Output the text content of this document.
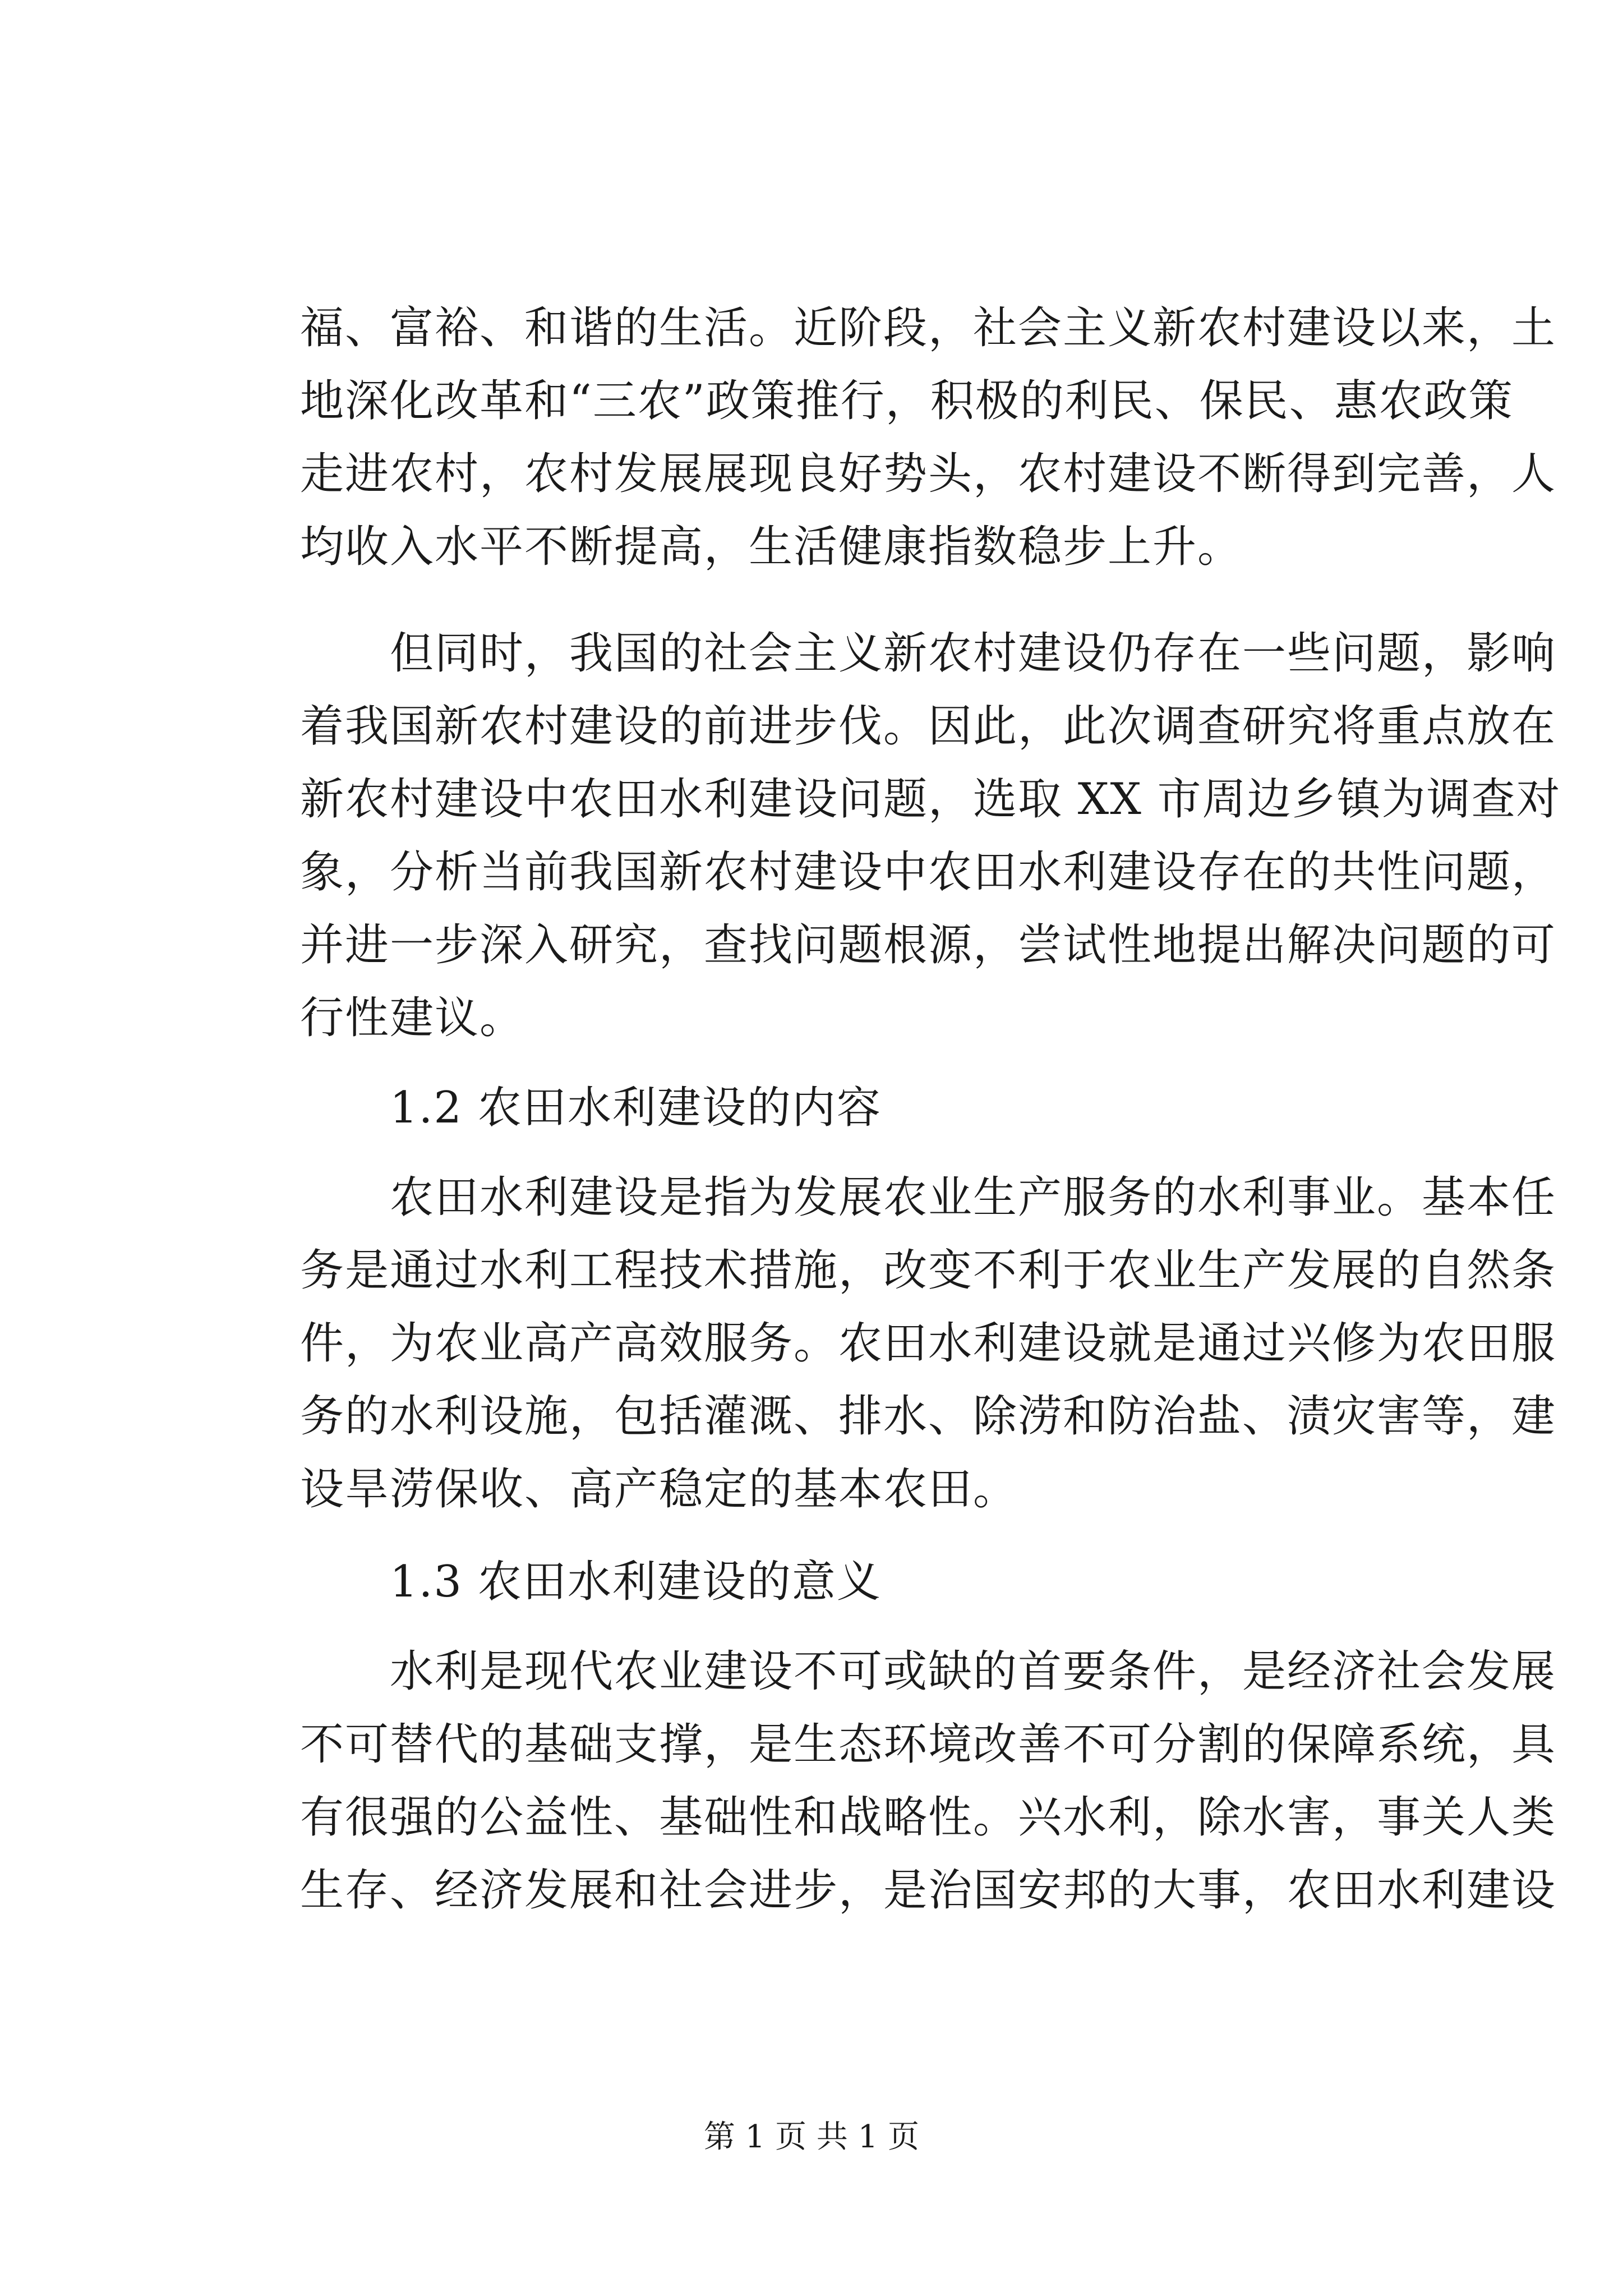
福、富裕、和谐的生活。近阶段，社会主义新农村建设以来，土
地深化改革和“三农”政策推行，积极的利民、保民、惠农政策
走进农村，农村发展展现良好势头，农村建设不断得到完善，人
均收入水平不断提高，生活健康指数稳步上升。
但同时，我国的社会主义新农村建设仍存在一些问题，影响
着我国新农村建设的前进步伐。因此，此次调查研究将重点放在
新农村建设中农田水利建设问题，选取 XX 市周边乡镇为调查对
象，分析当前我国新农村建设中农田水利建设存在的共性问题，
并进一步深入研究，查找问题根源，尝试性地提出解决问题的可
行性建议。
1.2 农田水利建设的内容
农田水利建设是指为发展农业生产服务的水利事业。基本任
务是通过水利工程技术措施，改变不利于农业生产发展的自然条
件，为农业高产高效服务。农田水利建设就是通过兴修为农田服
务的水利设施，包括灌溉、排水、除涝和防治盐、渍灾害等，建
设旱涝保收、高产稳定的基本农田。
1.3 农田水利建设的意义
水利是现代农业建设不可或缺的首要条件，是经济社会发展
不可替代的基础支撑，是生态环境改善不可分割的保障系统，具
有很强的公益性、基础性和战略性。兴水利，除水害，事关人类
生存、经济发展和社会进步，是治国安邦的大事，农田水利建设
第 1 页 共 1 页
